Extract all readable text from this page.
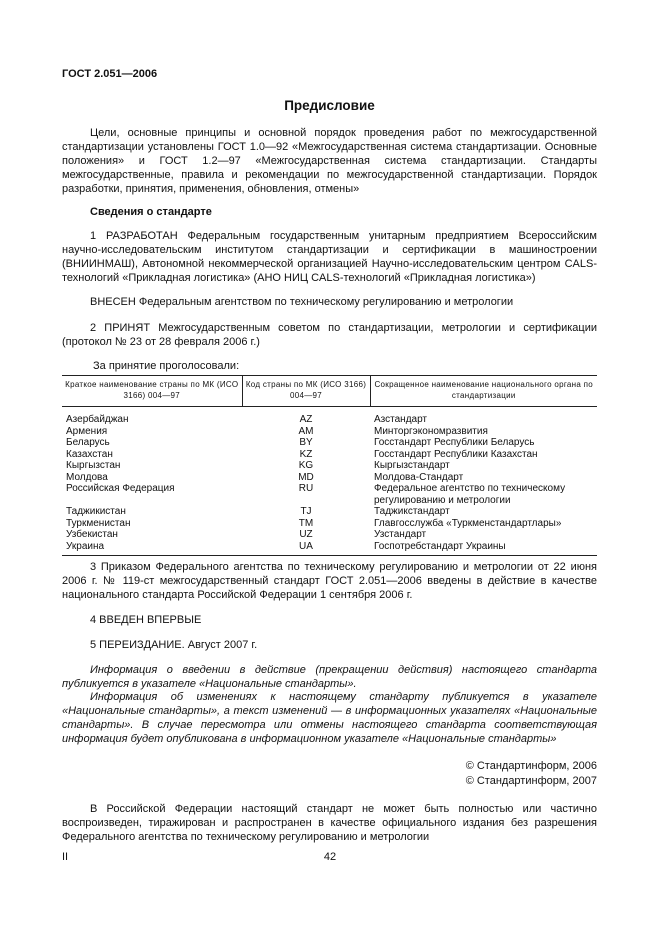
ГОСТ 2.051—2006
Предисловие
Цели, основные принципы и основной порядок проведения работ по межгосударственной стандартизации установлены ГОСТ 1.0—92 «Межгосударственная система стандартизации. Основные положения» и ГОСТ 1.2—97 «Межгосударственная система стандартизации. Стандарты межгосударственные, правила и рекомендации по межгосударственной стандартизации. Порядок разработки, принятия, применения, обновления, отмены»
Сведения о стандарте
1 РАЗРАБОТАН Федеральным государственным унитарным предприятием Всероссийским научно-исследовательским институтом стандартизации и сертификации в машиностроении (ВНИИНМАШ), Автономной некоммерческой организацией Научно-исследовательским центром CALS-технологий «Прикладная логистика» (АНО НИЦ CALS-технологий «Прикладная логистика»)
ВНЕСЕН Федеральным агентством по техническому регулированию и метрологии
2 ПРИНЯТ Межгосударственным советом по стандартизации, метрологии и сертификации (протокол № 23 от 28 февраля 2006 г.)
За принятие проголосовали:
Краткое наименование страны по МК (ИСО 3166) 004—97	Код страны по МК (ИСО 3166) 004—97	Сокращенное наименование национального органа по стандартизации
Азербайджан	AZ	Азстандарт
Армения	AM	Минторгэкономразвития
Беларусь	BY	Госстандарт Республики Беларусь
Казахстан	KZ	Госстандарт Республики Казахстан
Кыргызстан	KG	Кыргызстандарт
Молдова	MD	Молдова-Стандарт
Российская Федерация	RU	Федеральное агентство по техническому регулированию и метрологии
Таджикистан	TJ	Таджикстандарт
Туркменистан	TM	Главгосслужба «Туркменстандартлары»
Узбекистан	UZ	Узстандарт
Украина	UA	Госпотребстандарт Украины
3 Приказом Федерального агентства по техническому регулированию и метрологии от 22 июня 2006 г. № 119-ст межгосударственный стандарт ГОСТ 2.051—2006 введены в действие в качестве национального стандарта Российской Федерации 1 сентября 2006 г.
4 ВВЕДЕН ВПЕРВЫЕ
5 ПЕРЕИЗДАНИЕ. Август 2007 г.
Информация о введении в действие (прекращении действия) настоящего стандарта публикуется в указателе «Национальные стандарты».
Информация об изменениях к настоящему стандарту публикуется в указателе «Национальные стандарты», а текст изменений — в информационных указателях «Национальные стандарты». В случае пересмотра или отмены настоящего стандарта соответствующая информация будет опубликована в информационном указателе «Национальные стандарты»
© Стандартинформ, 2006
© Стандартинформ, 2007
В Российской Федерации настоящий стандарт не может быть полностью или частично воспроизведен, тиражирован и распространен в качестве официального издания без разрешения Федерального агентства по техническому регулированию и метрологии
II	42
